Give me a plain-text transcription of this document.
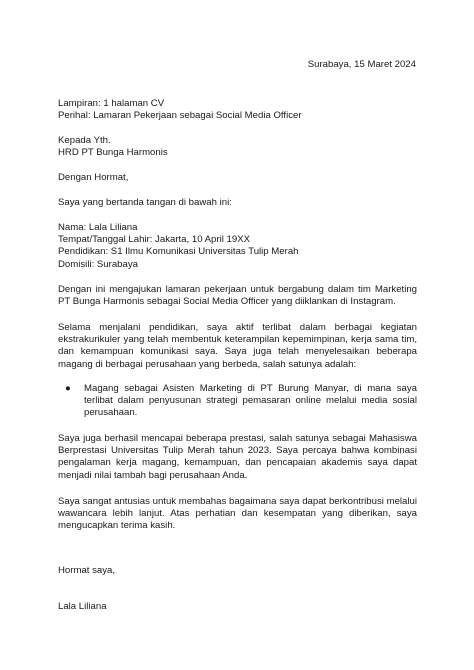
Surabaya, 15 Maret 2024

Lampiran: 1 halaman CV

Perihal: Lamaran Pekerjaan sebagai Social Media Officer

Kepada Yth.

HRD PT Bunga Harmonis

Dengan Hormat,

Saya yang bertanda tangan di bawah ini:

Nama: Lala Liliana

Tempat/Tanggal Lahir: Jakarta, 10 April 19XX

Pendidikan: S1 Ilmu Komunikasi Universitas Tulip Merah

Domisili: Surabaya

Dengan ini mengajukan lamaran pekerjaan untuk bergabung dalam tim Marketing PT Bunga Harmonis sebagai Social Media Officer yang diiklankan di Instagram.

Selama menjalani pendidikan, saya aktif terlibat dalam berbagai kegiatan ekstrakurikuler yang telah membentuk keterampilan kepemimpinan, kerja sama tim, dan kemampuan komunikasi saya. Saya juga telah menyelesaikan beberapa magang di berbagai perusahaan yang berbeda, salah satunya adalah:

●	Magang sebagai Asisten Marketing di PT Burung Manyar, di mana saya terlibat dalam penyusunan strategi pemasaran online melalui media sosial perusahaan.

Saya juga berhasil mencapai beberapa prestasi, salah satunya sebagai Mahasiswa Berprestasi Universitas Tulip Merah tahun 2023. Saya percaya bahwa kombinasi pengalaman kerja magang, kemampuan, dan pencapaian akademis saya dapat menjadi nilai tambah bagi perusahaan Anda.

Saya sangat antusias untuk membahas bagaimana saya dapat berkontribusi melalui wawancara lebih lanjut. Atas perhatian dan kesempatan yang diberikan, saya mengucapkan terima kasih.

Hormat saya,

Lala Liliana
